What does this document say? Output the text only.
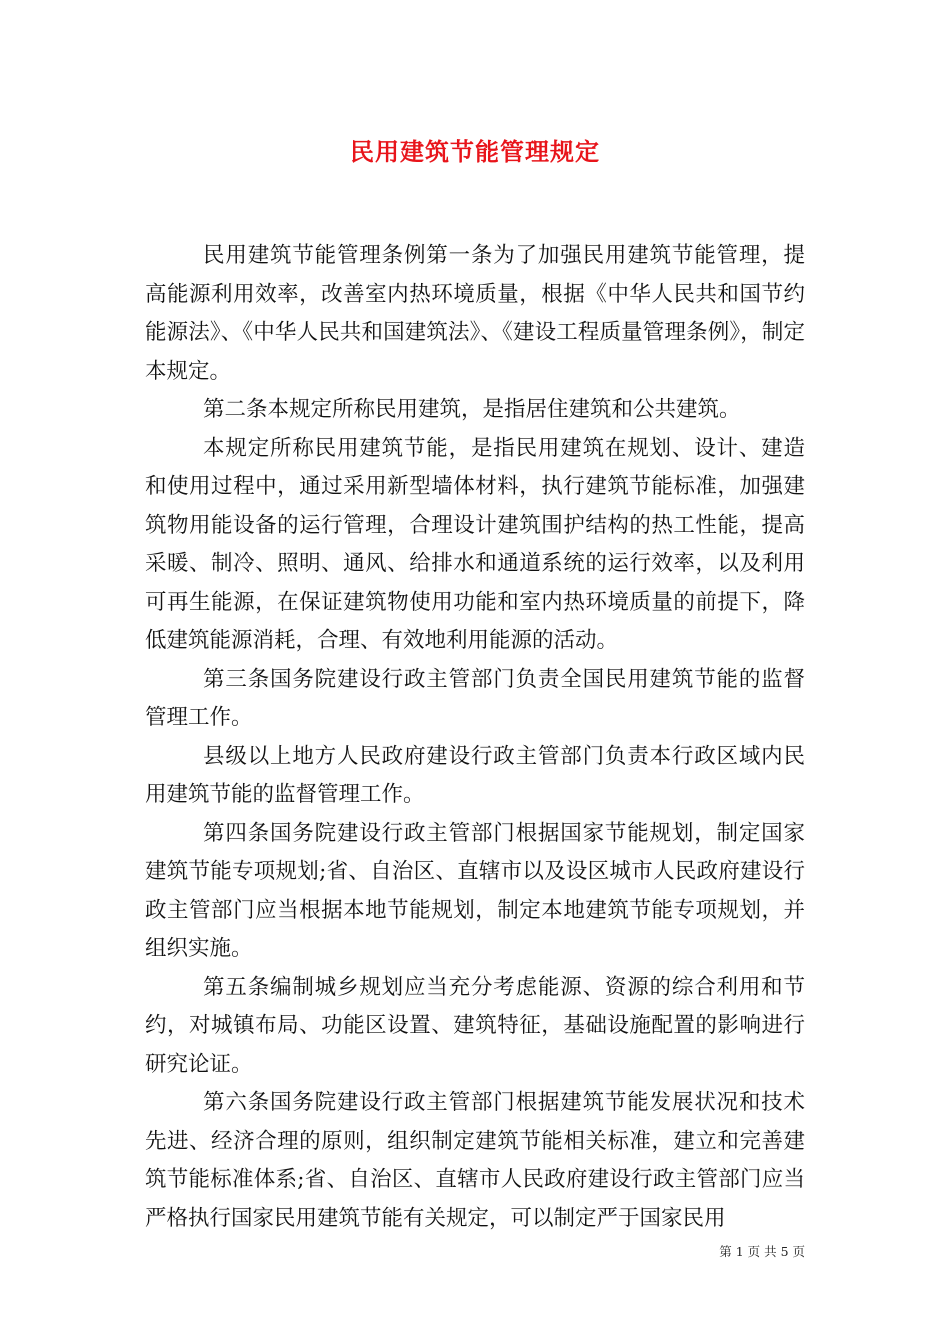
民用建筑节能管理规定

民用建筑节能管理条例第一条为了加强民用建筑节能管理，提高能源利用效率，改善室内热环境质量，根据《中华人民共和国节约能源法》、《中华人民共和国建筑法》、《建设工程质量管理条例》，制定本规定。

第二条本规定所称民用建筑，是指居住建筑和公共建筑。

本规定所称民用建筑节能，是指民用建筑在规划、设计、建造和使用过程中，通过采用新型墙体材料，执行建筑节能标准，加强建筑物用能设备的运行管理，合理设计建筑围护结构的热工性能，提高采暖、制冷、照明、通风、给排水和通道系统的运行效率，以及利用可再生能源，在保证建筑物使用功能和室内热环境质量的前提下，降低建筑能源消耗，合理、有效地利用能源的活动。

第三条国务院建设行政主管部门负责全国民用建筑节能的监督管理工作。

县级以上地方人民政府建设行政主管部门负责本行政区域内民用建筑节能的监督管理工作。

第四条国务院建设行政主管部门根据国家节能规划，制定国家建筑节能专项规划;省、自治区、直辖市以及设区城市人民政府建设行政主管部门应当根据本地节能规划，制定本地建筑节能专项规划，并组织实施。

第五条编制城乡规划应当充分考虑能源、资源的综合利用和节约，对城镇布局、功能区设置、建筑特征，基础设施配置的影响进行研究论证。

第六条国务院建设行政主管部门根据建筑节能发展状况和技术先进、经济合理的原则，组织制定建筑节能相关标准，建立和完善建筑节能标准体系;省、自治区、直辖市人民政府建设行政主管部门应当严格执行国家民用建筑节能有关规定，可以制定严于国家民用

第 1 页 共 5 页
